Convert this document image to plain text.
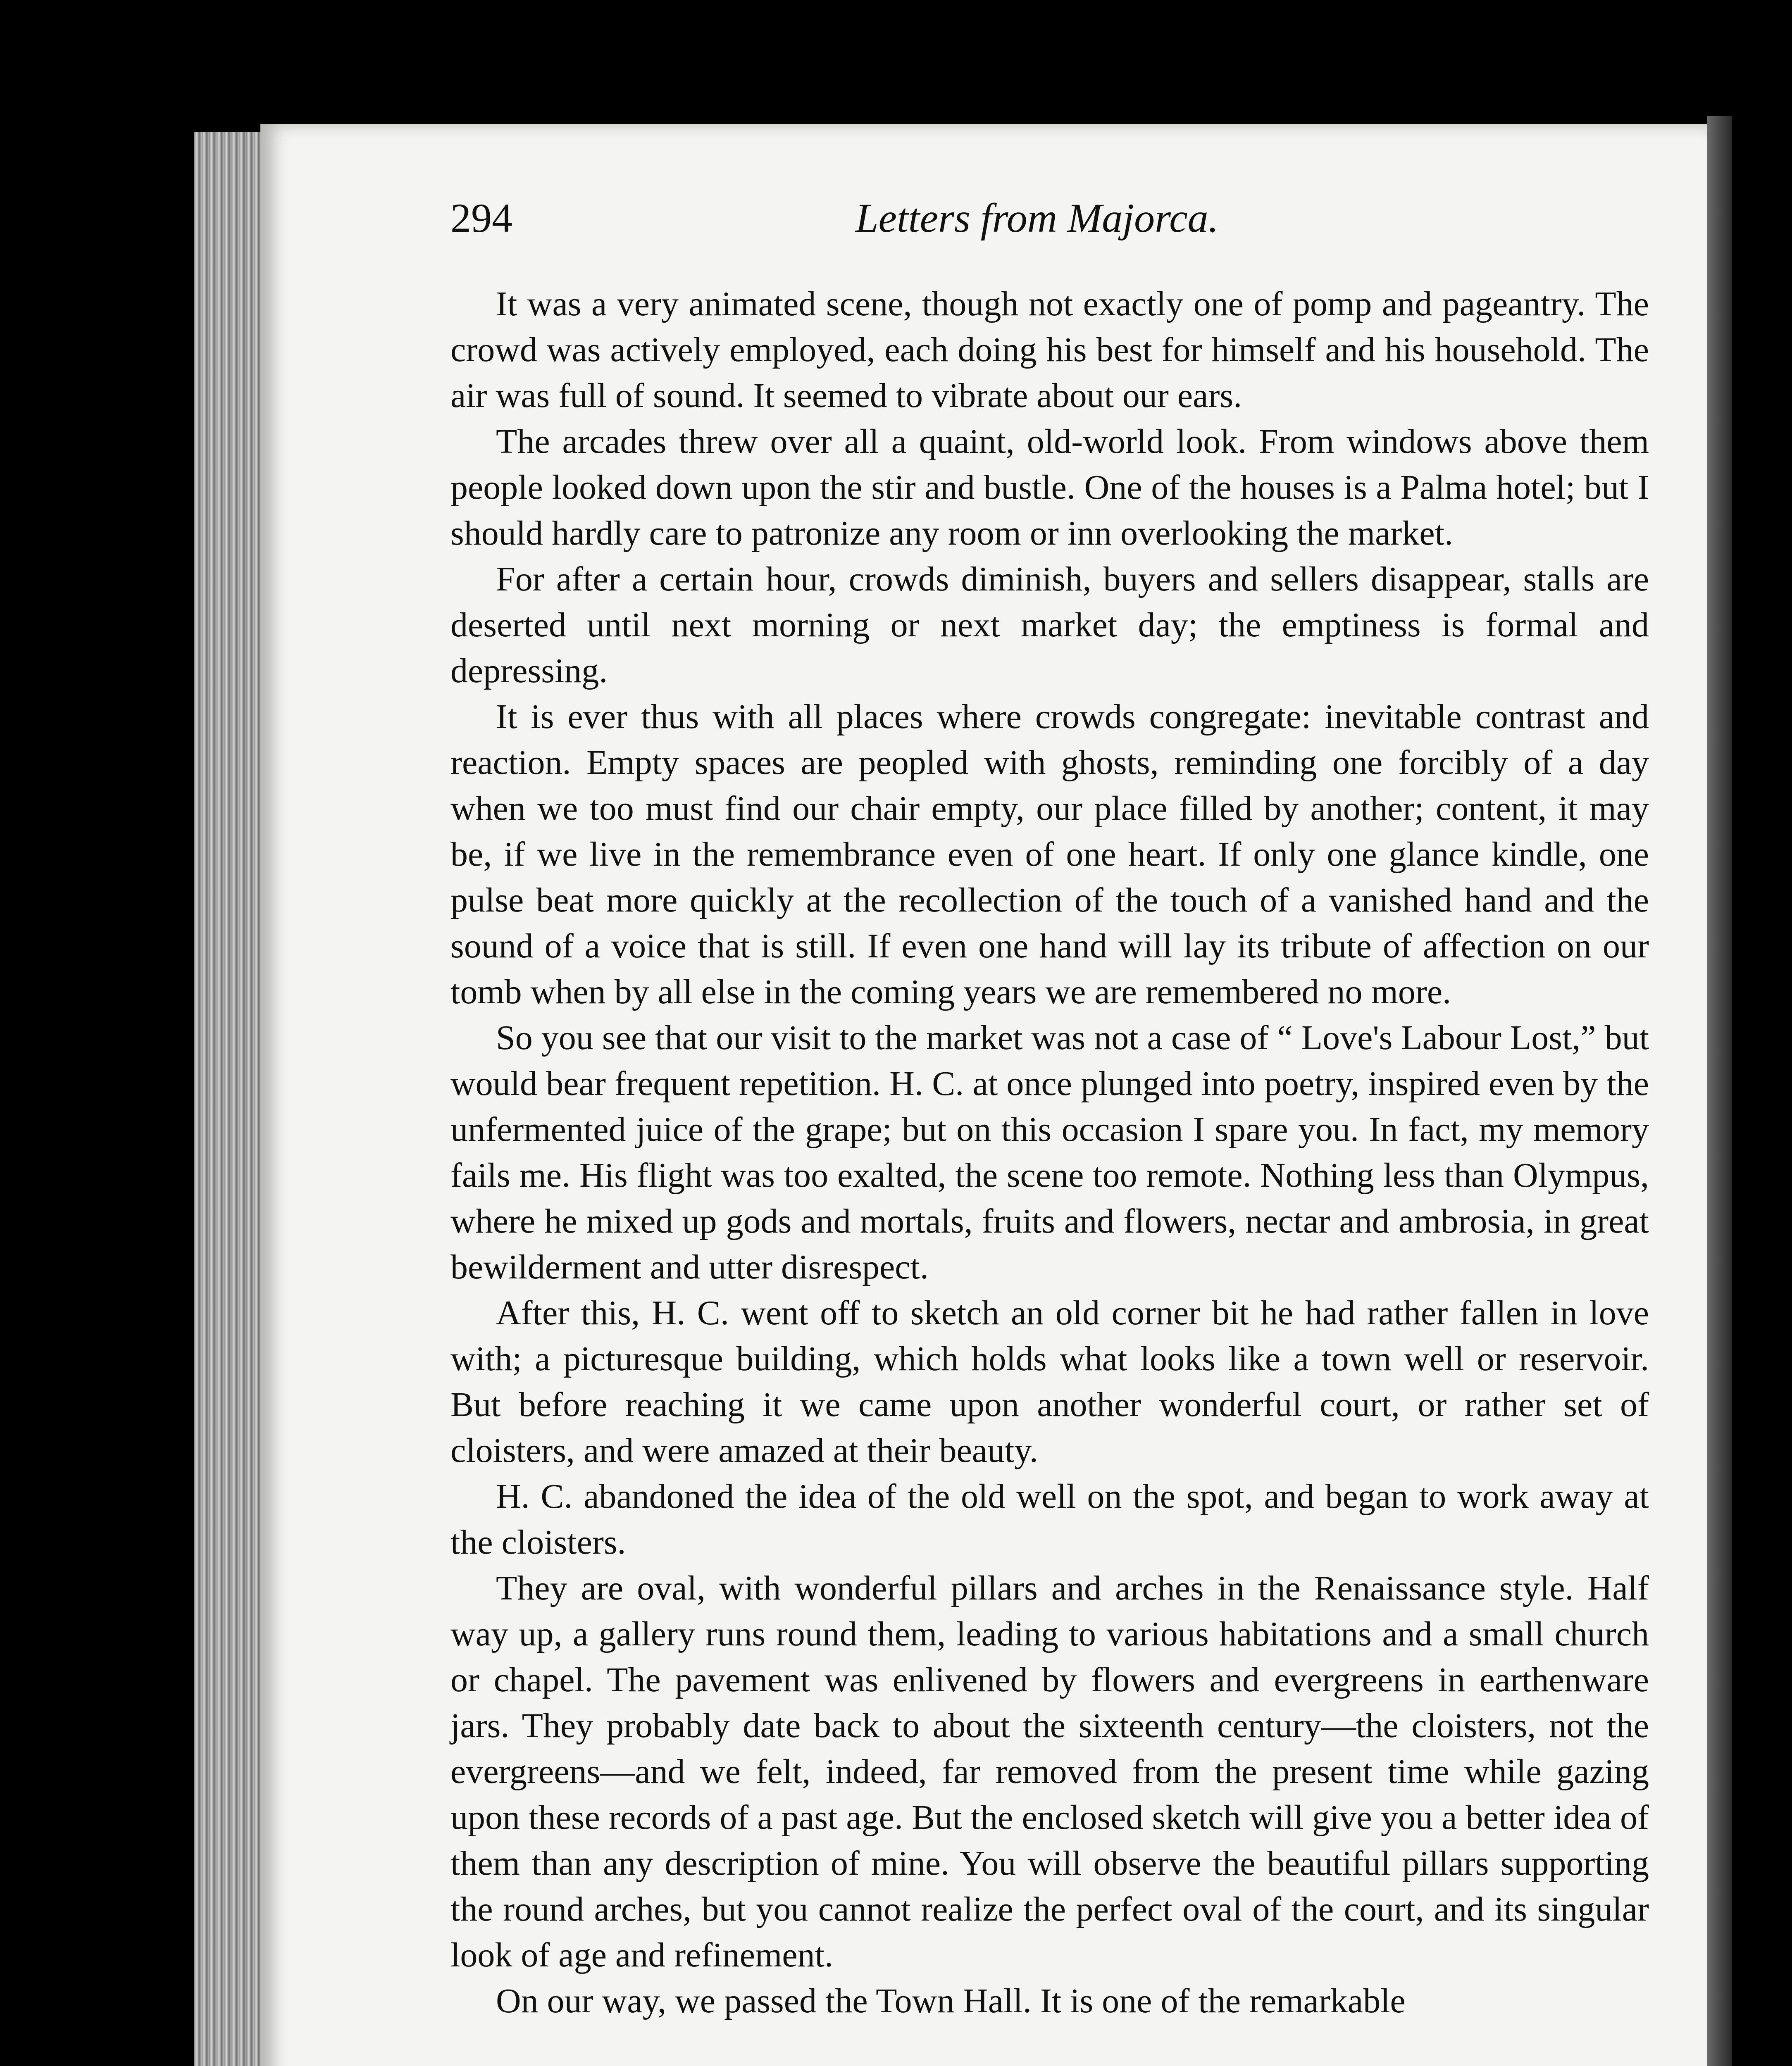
294	Letters from Majorca.

It was a very animated scene, though not exactly one of pomp and pageantry. The crowd was actively employed, each doing his best for himself and his household. The air was full of sound. It seemed to vibrate about our ears.

The arcades threw over all a quaint, old-world look. From windows above them people looked down upon the stir and bustle. One of the houses is a Palma hotel; but I should hardly care to patronize any room or inn overlooking the market.

For after a certain hour, crowds diminish, buyers and sellers disappear, stalls are deserted until next morning or next market day; the emptiness is formal and depressing.

It is ever thus with all places where crowds congregate: inevitable contrast and reaction. Empty spaces are peopled with ghosts, reminding one forcibly of a day when we too must find our chair empty, our place filled by another; content, it may be, if we live in the remembrance even of one heart. If only one glance kindle, one pulse beat more quickly at the recollection of the touch of a vanished hand and the sound of a voice that is still. If even one hand will lay its tribute of affection on our tomb when by all else in the coming years we are remembered no more.

So you see that our visit to the market was not a case of “ Love's Labour Lost,” but would bear frequent repetition. H. C. at once plunged into poetry, inspired even by the unfermented juice of the grape; but on this occasion I spare you. In fact, my memory fails me. His flight was too exalted, the scene too remote. Nothing less than Olympus, where he mixed up gods and mortals, fruits and flowers, nectar and ambrosia, in great bewilderment and utter disrespect.

After this, H. C. went off to sketch an old corner bit he had rather fallen in love with; a picturesque building, which holds what looks like a town well or reservoir. But before reaching it we came upon another wonderful court, or rather set of cloisters, and were amazed at their beauty.

H. C. abandoned the idea of the old well on the spot, and began to work away at the cloisters.

They are oval, with wonderful pillars and arches in the Renaissance style. Half way up, a gallery runs round them, leading to various habitations and a small church or chapel. The pavement was enlivened by flowers and evergreens in earthenware jars. They probably date back to about the sixteenth century—the cloisters, not the evergreens—and we felt, indeed, far removed from the present time while gazing upon these records of a past age. But the enclosed sketch will give you a better idea of them than any description of mine. You will observe the beautiful pillars supporting the round arches, but you cannot realize the perfect oval of the court, and its singular look of age and refinement.

On our way, we passed the Town Hall. It is one of the remarkable
